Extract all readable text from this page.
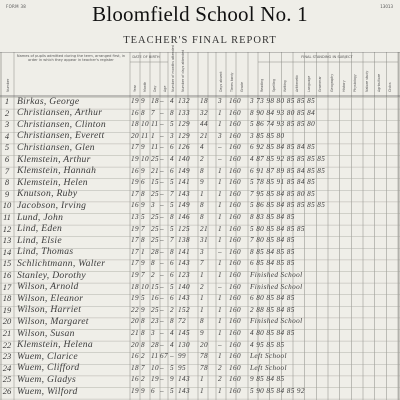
FORM 38	Bloomfield School No. 1	13013
TEACHER'S FINAL REPORT
Number
Names of pupils admitted during the term, arranged first, in order in which they appear in teacher's register
DATE OF BIRTH
Year Month Day Age Number of months attended Number of days attended	Days absent Times tardy Grade
FINAL STANDING IN SUBJECT
Reading Spelling Writing Arithmetic Language Grammar Geography History Physiology Nature study Agriculture Civics
1 Birkas, George	19 9 18 – 4 132	18 3 160	3 73 98 80 85 85 85
2 Christiansen, Arthur	16 8 7 – 8 133	32 1 160	8 90 84 93 80 85 84
3 Christiansen, Clinton	18 10 11 – 5 129	44 1 160	5 86 74 93 85 85 80
4 Christiansen, Everett	20 11 1 – 3 129	21 3 160	3 85 85 80
5 Christiansen, Glen	17 9 11 – 6 126	4	– 160	6 92 85 84 85 84 85
6 Klemstein, Arthur	19 10 25 – 4 140	2	– 160	4 87 85 92 85 85 85 85
7 Klemstein, Hannah	16 9 21 – 6 149	8	1 160	6 91 87 89 85 84 85 85
8 Klemstein, Helen	19 6 15 – 5 141	9	1 160	5 78 85 91 85 84 85
9 Knutson, Ruby	17 8 25 – 7 143	1	1 160	7 95 85 84 85 80 85
10 Jacobson, Irving	16 9 3 – 5 149	8	1 160	5 86 85 84 85 85 85 85
11 Lund, John	13 5 25 – 8 146	8	1 160	8 83 85 84 85
12 Lind, Eden	19 7 25 – 5 125	21 1 160	5 80 85 84 85 85
13 Lind, Elsie	17 8 25 – 7 138	31 1 160	7 80 85 84 85
14 Lind, Thomas	17 1 28 – 8 141	3	– 160	8 85 84 85 85
15 Schlichtmann, Walter	17 9 8 – 6 143	7	1 160	6 85 84 85 85
16 Stanley, Dorothy	19 7 2 – 6 123	1	1 160	Finished School
17 Wilson, Arnold	18 10 15 – 5 140	2	– 160	Finished School
18 Wilson, Eleanor	19 5 16 – 6 143	1	1 160	6 80 85 84 85
19 Wilson, Harriet	22 9 25 – 2 152	1	1 160	2 88 85 84 85
20 Wilson, Margaret	20 8 23 – 8 72	8	1 160	Finished School
21 Wilson, Susan	21 8 3 – 4 145	9	1 160	4 80 85 84 85
22 Klemstein, Helena	20 8 28 – 4 130	20 – 160	4 95 85 85
23 Wuem, Clarice	16 2 11 67 – 99	78 1 160	Left School
24 Wuem, Clifford	18 7 10 – 5 95	78 2 160	Left School
25 Wuem, Gladys	16 2 19 – 9 143	1	2 160	9 85 84 85
26 Wuem, Wilford	19 9 6 – 5 143	1	1 160	5 90 85 84 85 92
